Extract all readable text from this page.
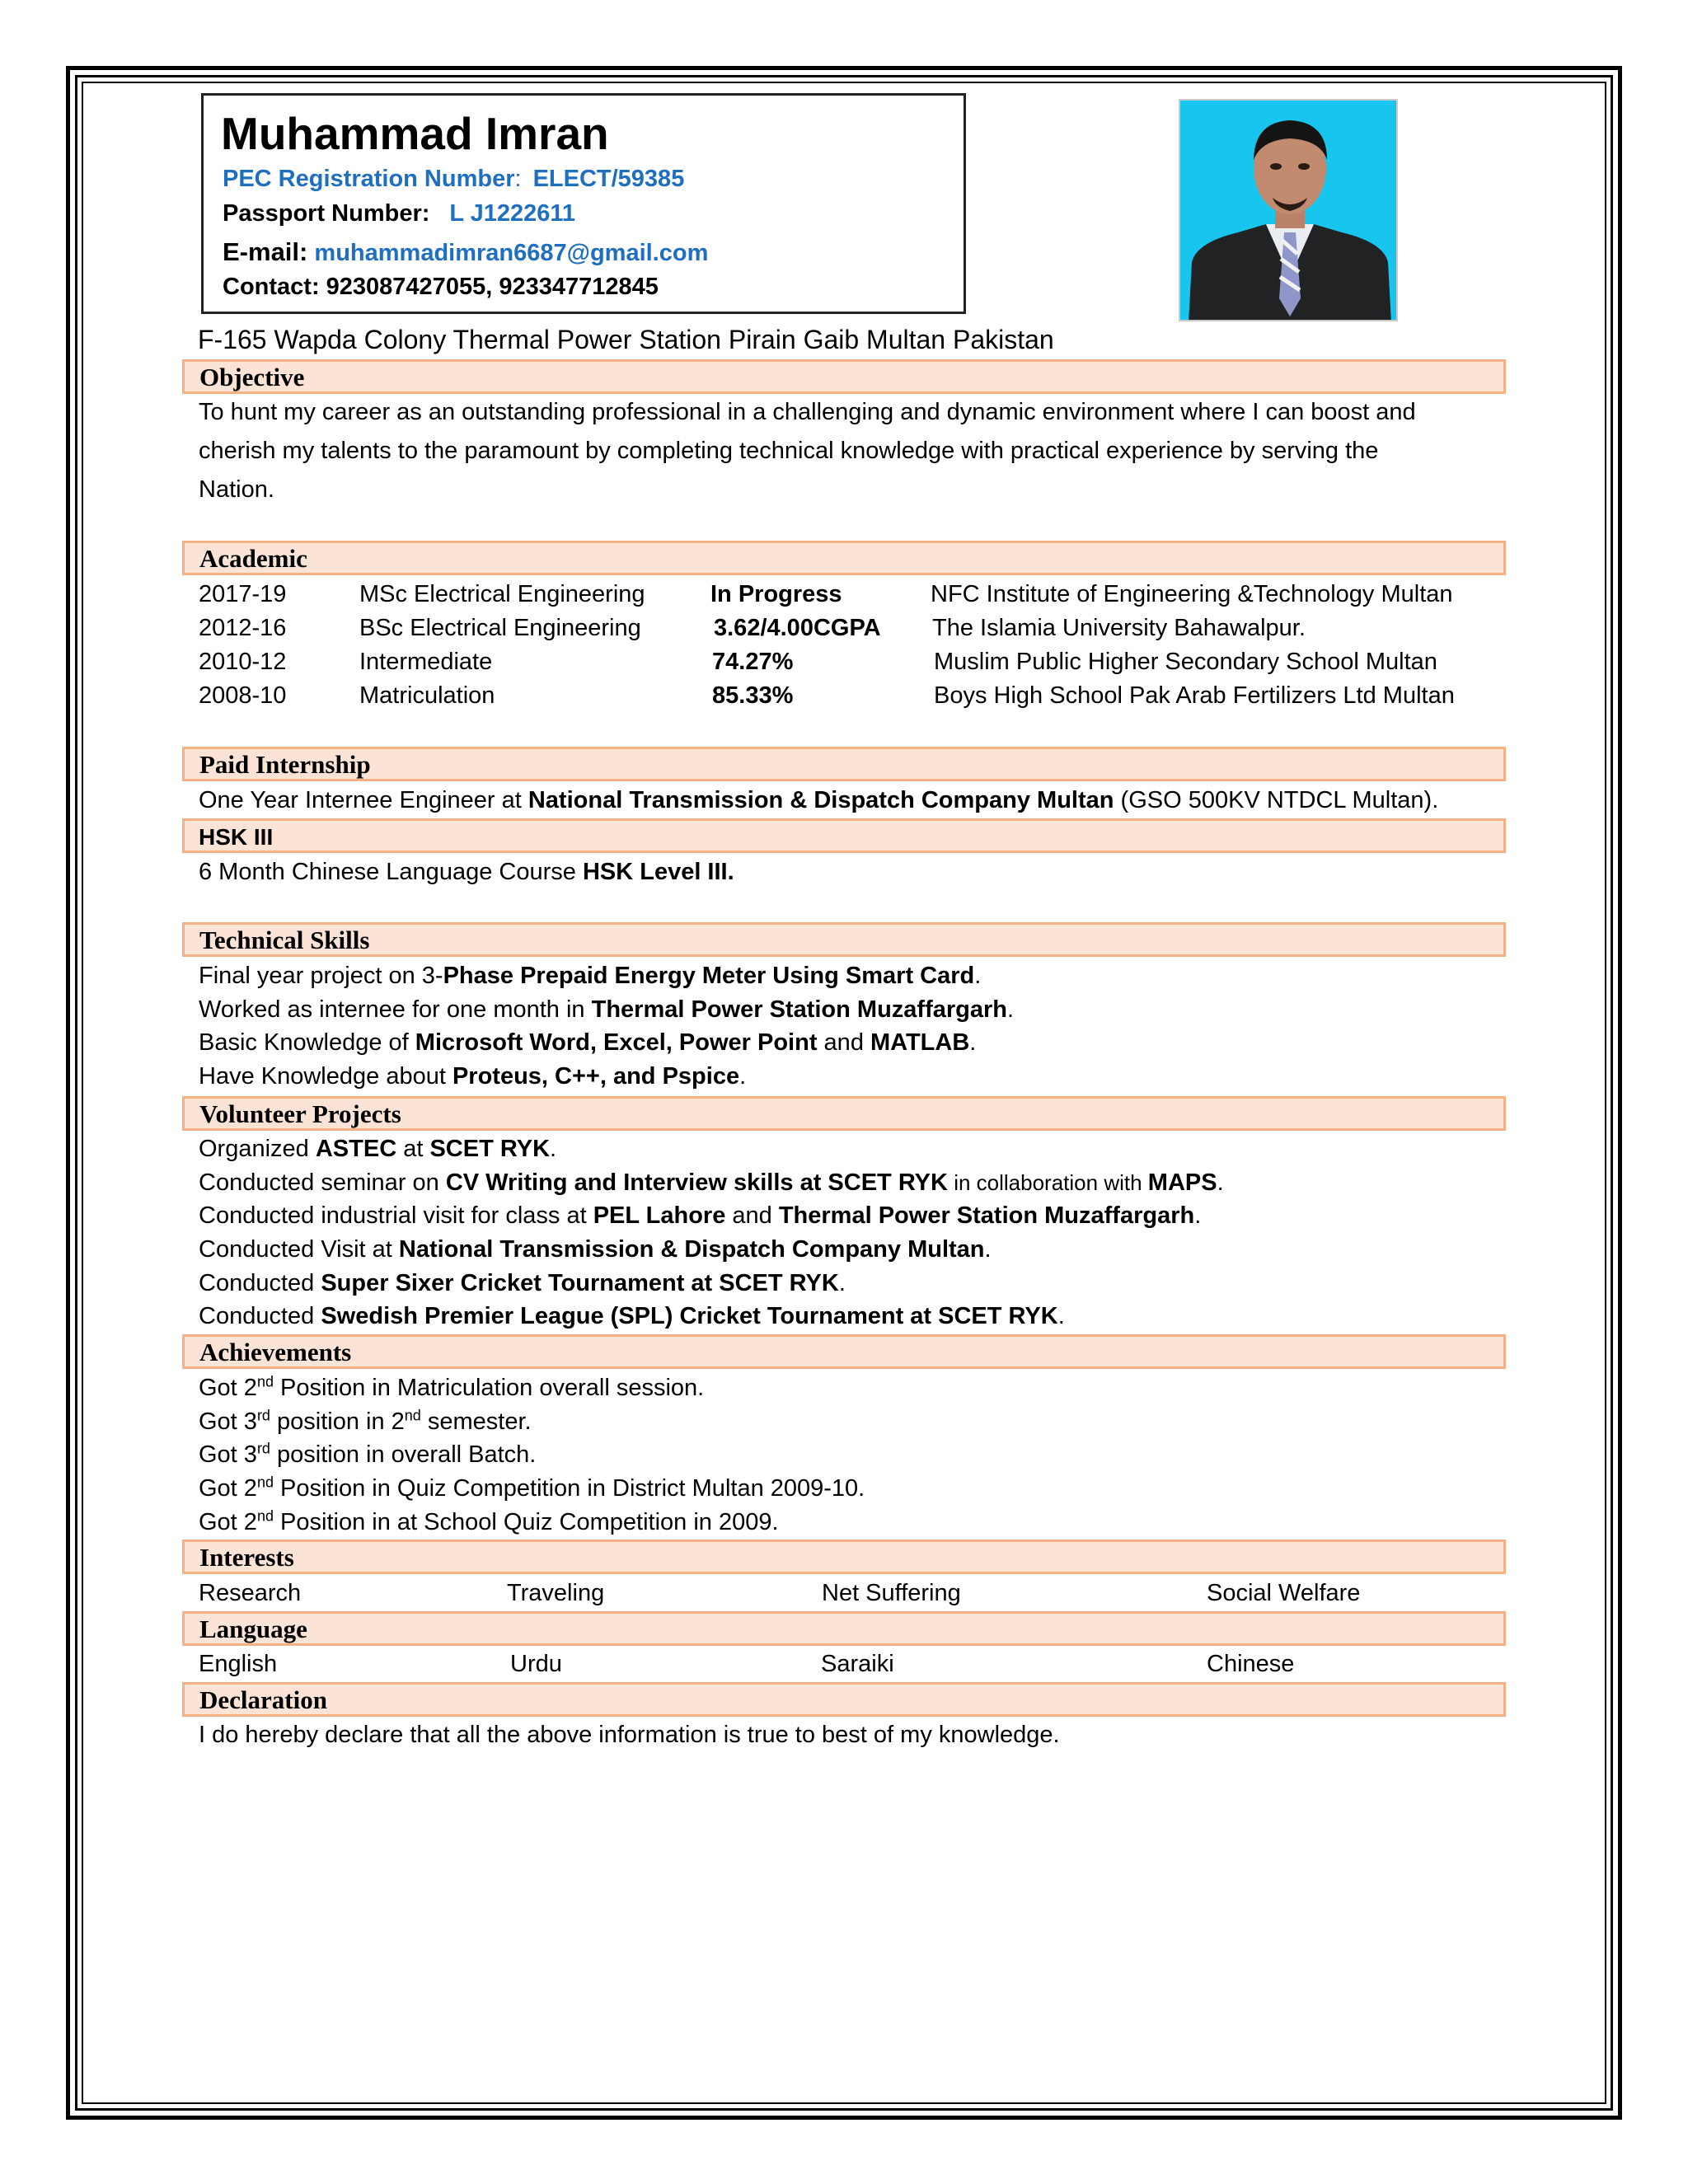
Muhammad Imran
PEC Registration Number: ELECT/59385
Passport Number: L J1222611
E-mail: muhammadimran6687@gmail.com
Contact: 923087427055, 923347712845
F-165 Wapda Colony Thermal Power Station Pirain Gaib Multan Pakistan
Objective
To hunt my career as an outstanding professional in a challenging and dynamic environment where I can boost and
cherish my talents to the paramount by completing technical knowledge with practical experience by serving the
Nation.
Academic
2017-19	MSc Electrical Engineering	In Progress	NFC Institute of Engineering &Technology Multan
2012-16	BSc Electrical Engineering	3.62/4.00CGPA The Islamia University Bahawalpur.
2010-12	Intermediate	74.27%	Muslim Public Higher Secondary School Multan
2008-10	Matriculation	85.33%	Boys High School Pak Arab Fertilizers Ltd Multan
Paid Internship
One Year Internee Engineer at National Transmission & Dispatch Company Multan (GSO 500KV NTDCL Multan).
HSK III
6 Month Chinese Language Course HSK Level III.
Technical Skills
Final year project on 3-Phase Prepaid Energy Meter Using Smart Card.
Worked as internee for one month in Thermal Power Station Muzaffargarh.
Basic Knowledge of Microsoft Word, Excel, Power Point and MATLAB.
Have Knowledge about Proteus, C++, and Pspice.
Volunteer Projects
Organized ASTEC at SCET RYK.
Conducted seminar on CV Writing and Interview skills at SCET RYK in collaboration with MAPS.
Conducted industrial visit for class at PEL Lahore and Thermal Power Station Muzaffargarh.
Conducted Visit at National Transmission & Dispatch Company Multan.
Conducted Super Sixer Cricket Tournament at SCET RYK.
Conducted Swedish Premier League (SPL) Cricket Tournament at SCET RYK.
Achievements
Got 2nd Position in Matriculation overall session.
Got 3rd position in 2nd semester.
Got 3rd position in overall Batch.
Got 2nd Position in Quiz Competition in District Multan 2009-10.
Got 2nd Position in at School Quiz Competition in 2009.
Interests
Research	Traveling	Net Suffering	Social Welfare
Language
English	Urdu	Saraiki	Chinese
Declaration
I do hereby declare that all the above information is true to best of my knowledge.
